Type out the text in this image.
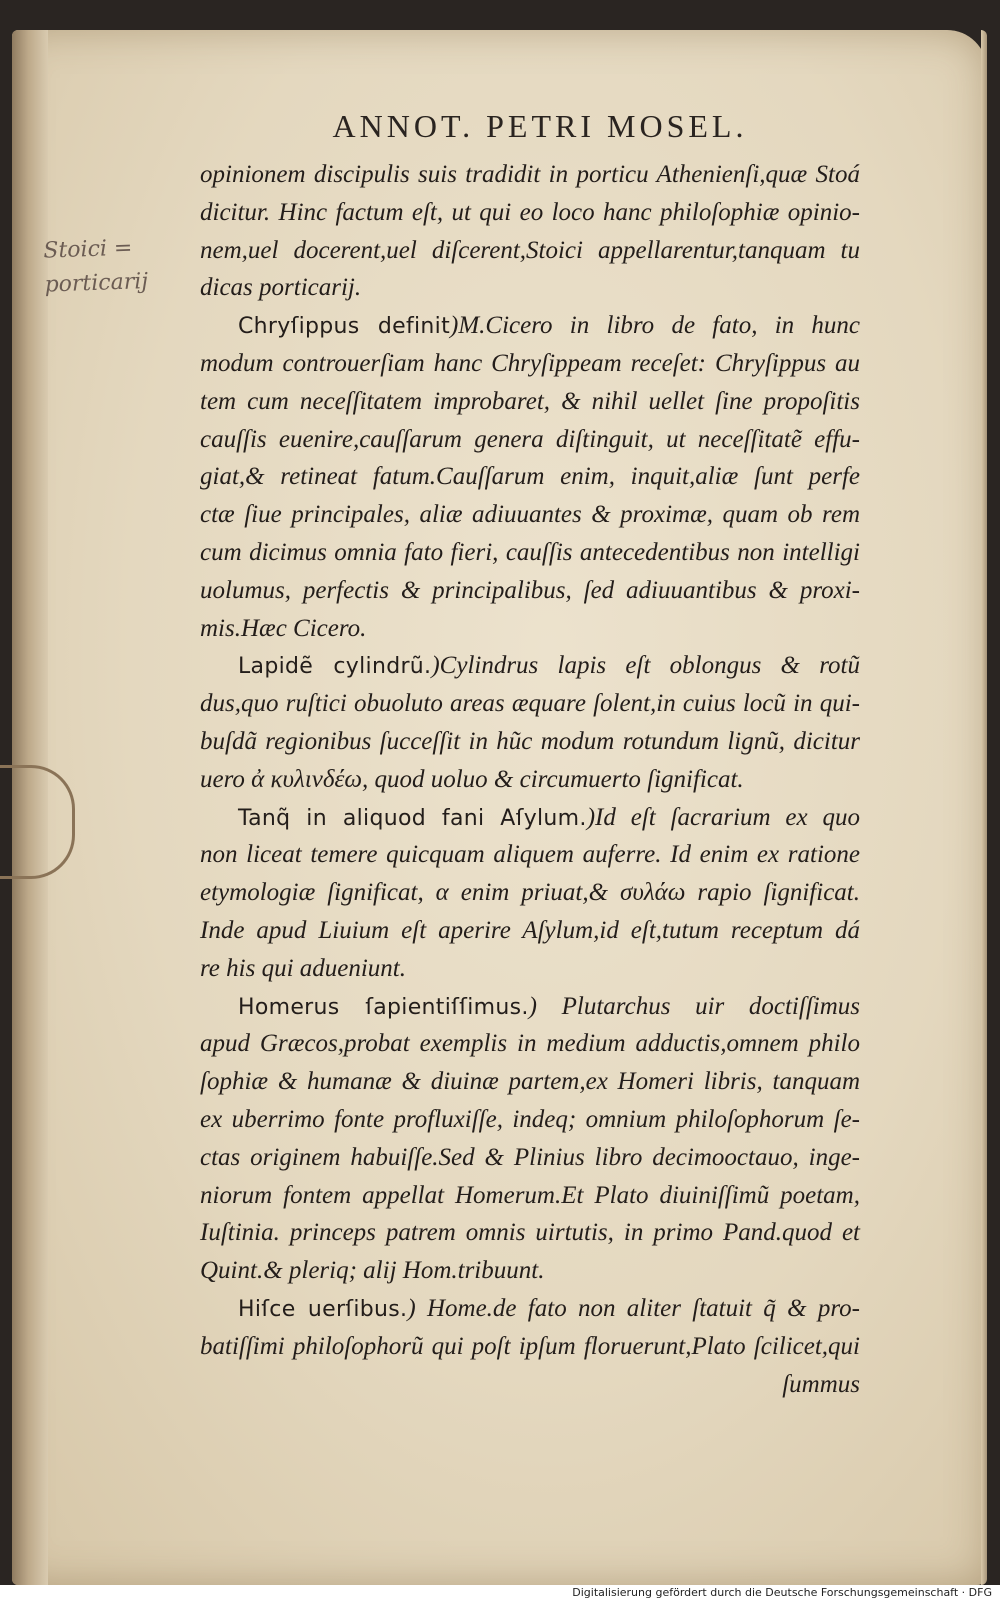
ANNOT. PETRI MOSEL.
Stoici =
porticarij
opinionem discipulis suis tradidit in porticu Athenienſi,quæ Stoá
dicitur. Hinc factum eſt, ut qui eo loco hanc philoſophiæ opinio-
nem,uel docerent,uel diſcerent,Stoici appellarentur,tanquam tu
dicas porticarij.
Chryſippus definit)M.Cicero in libro de fato, in hunc
modum controuerſiam hanc Chryſippeam receſet: Chryſippus au
tem cum neceſſitatem improbaret, & nihil uellet ſine propoſitis
cauſſis euenire,cauſſarum genera diſtinguit, ut neceſſitatẽ effu-
giat,& retineat fatum.Cauſſarum enim, inquit,aliæ ſunt perfe
ctæ ſiue principales, aliæ adiuuantes & proximæ, quam ob rem
cum dicimus omnia fato fieri, cauſſis antecedentibus non intelligi
uolumus, perfectis & principalibus, ſed adiuuantibus & proxi-
mis.Hæc Cicero.
Lapidẽ cylindrũ.)Cylindrus lapis eſt oblongus & rotũ
dus,quo ruſtici obuoluto areas æquare ſolent,in cuius locũ in qui-
buſdã regionibus ſucceſſit in hũc modum rotundum lignũ, dicitur
uero ἀ κυλινδέω, quod uoluo & circumuerto ſignificat.
Tanq̃ in aliquod fani Aſylum.)Id eſt ſacrarium ex quo
non liceat temere quicquam aliquem auferre. Id enim ex ratione
etymologiæ ſignificat, α enim priuat,& συλάω rapio ſignificat.
Inde apud Liuium eſt aperire Aſylum,id eſt,tutum receptum dá
re his qui adueniunt.
Homerus ſapientiſſimus.) Plutarchus uir doctiſſimus
apud Græcos,probat exemplis in medium adductis,omnem philo
ſophiæ & humanæ & diuinæ partem,ex Homeri libris, tanquam
ex uberrimo fonte profluxiſſe, indeq; omnium philoſophorum ſe-
ctas originem habuiſſe.Sed & Plinius libro decimooctauo, inge-
niorum fontem appellat Homerum.Et Plato diuiniſſimũ poetam,
Iuſtinia. princeps patrem omnis uirtutis, in primo Pand.quod et
Quint.& pleriq; alij Hom.tribuunt.
Hiſce uerſibus.) Home.de fato non aliter ſtatuit q̃ & pro-
batiſſimi philoſophorũ qui poſt ipſum floruerunt,Plato ſcilicet,qui
ſummus
Digitalisierung gefördert durch die Deutsche Forschungsgemeinschaft · DFG
